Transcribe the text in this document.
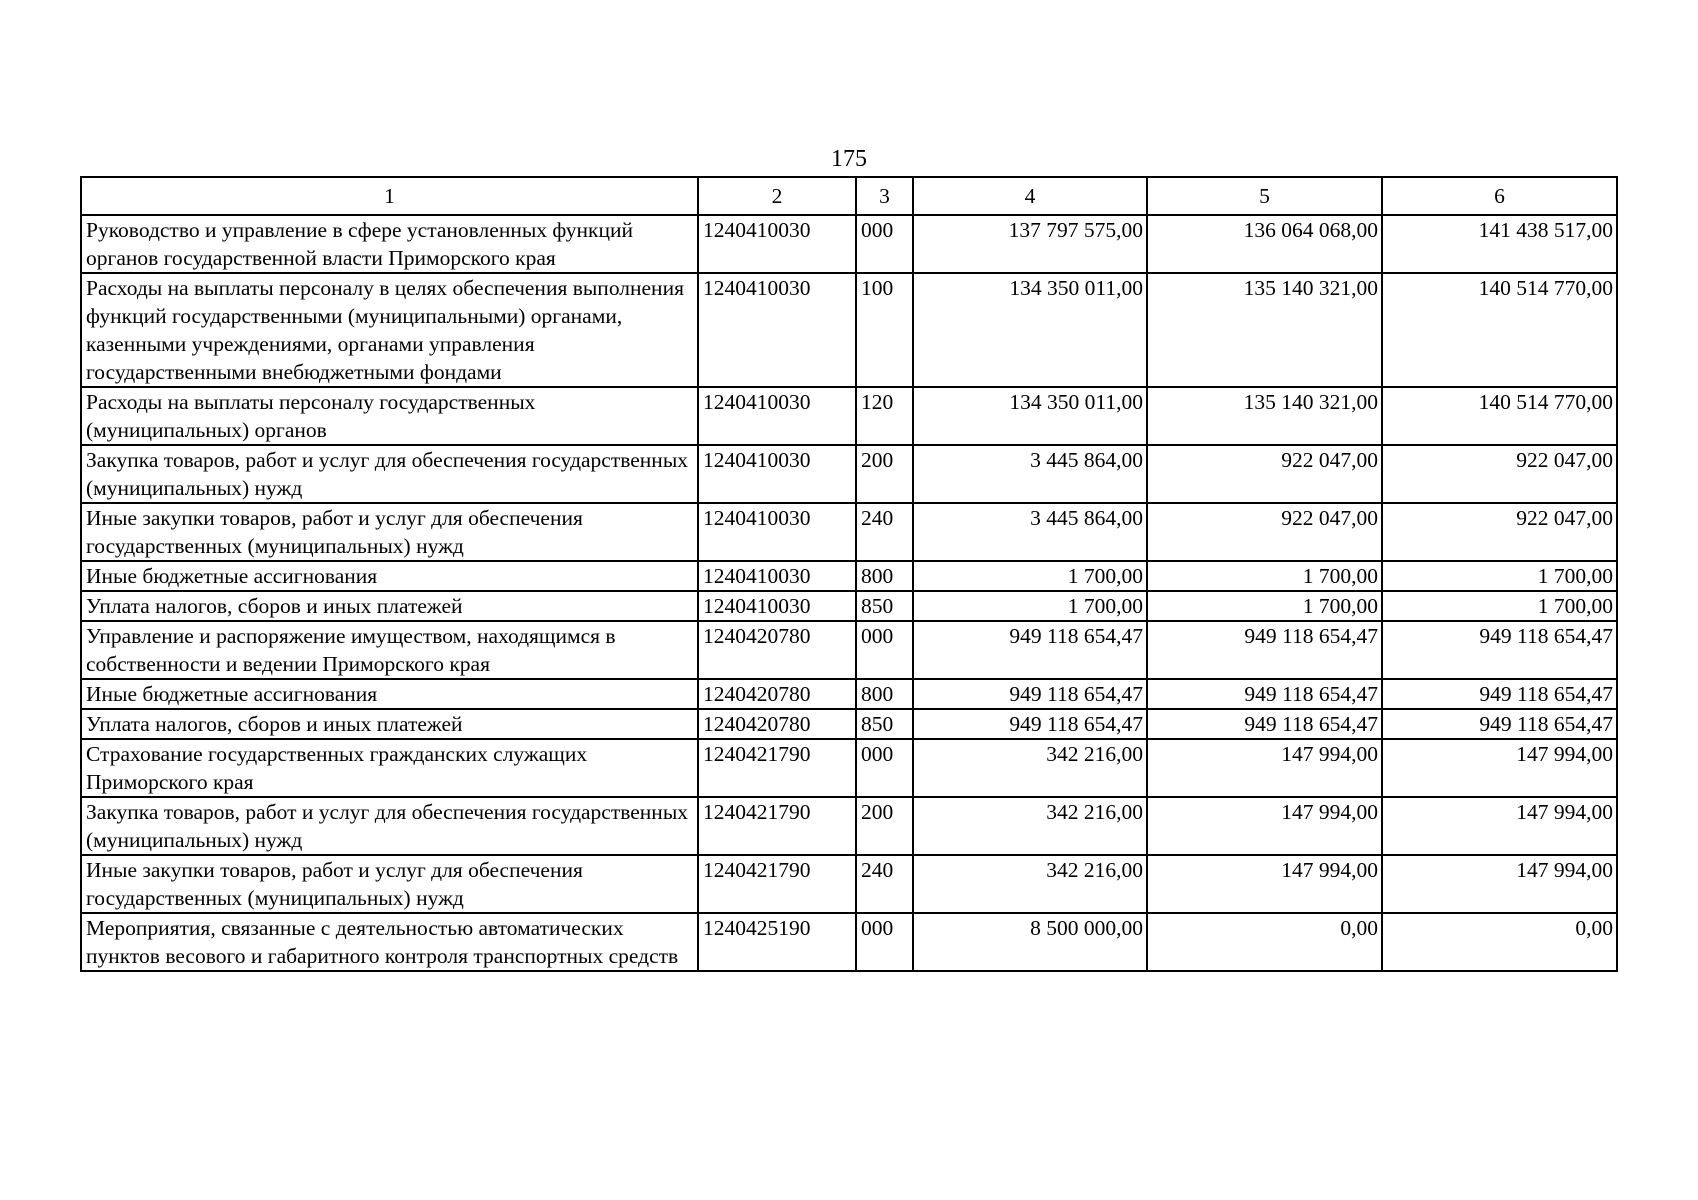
175
1	2	3	4	5	6
Руководство и управление в сфере установленных функций органов государственной власти Приморского края	1240410030	000	137 797 575,00	136 064 068,00	141 438 517,00
Расходы на выплаты персоналу в целях обеспечения выполнения функций государственными (муниципальными) органами, казенными учреждениями, органами управления государственными внебюджетными фондами	1240410030	100	134 350 011,00	135 140 321,00	140 514 770,00
Расходы на выплаты персоналу государственных (муниципальных) органов	1240410030	120	134 350 011,00	135 140 321,00	140 514 770,00
Закупка товаров, работ и услуг для обеспечения государственных (муниципальных) нужд	1240410030	200	3 445 864,00	922 047,00	922 047,00
Иные закупки товаров, работ и услуг для обеспечения государственных (муниципальных) нужд	1240410030	240	3 445 864,00	922 047,00	922 047,00
Иные бюджетные ассигнования	1240410030	800	1 700,00	1 700,00	1 700,00
Уплата налогов, сборов и иных платежей	1240410030	850	1 700,00	1 700,00	1 700,00
Управление и распоряжение имуществом, находящимся в собственности и ведении Приморского края	1240420780	000	949 118 654,47	949 118 654,47	949 118 654,47
Иные бюджетные ассигнования	1240420780	800	949 118 654,47	949 118 654,47	949 118 654,47
Уплата налогов, сборов и иных платежей	1240420780	850	949 118 654,47	949 118 654,47	949 118 654,47
Страхование государственных гражданских служащих Приморского края	1240421790	000	342 216,00	147 994,00	147 994,00
Закупка товаров, работ и услуг для обеспечения государственных (муниципальных) нужд	1240421790	200	342 216,00	147 994,00	147 994,00
Иные закупки товаров, работ и услуг для обеспечения государственных (муниципальных) нужд	1240421790	240	342 216,00	147 994,00	147 994,00
Мероприятия, связанные с деятельностью автоматических пунктов весового и габаритного контроля транспортных средств	1240425190	000	8 500 000,00	0,00	0,00
